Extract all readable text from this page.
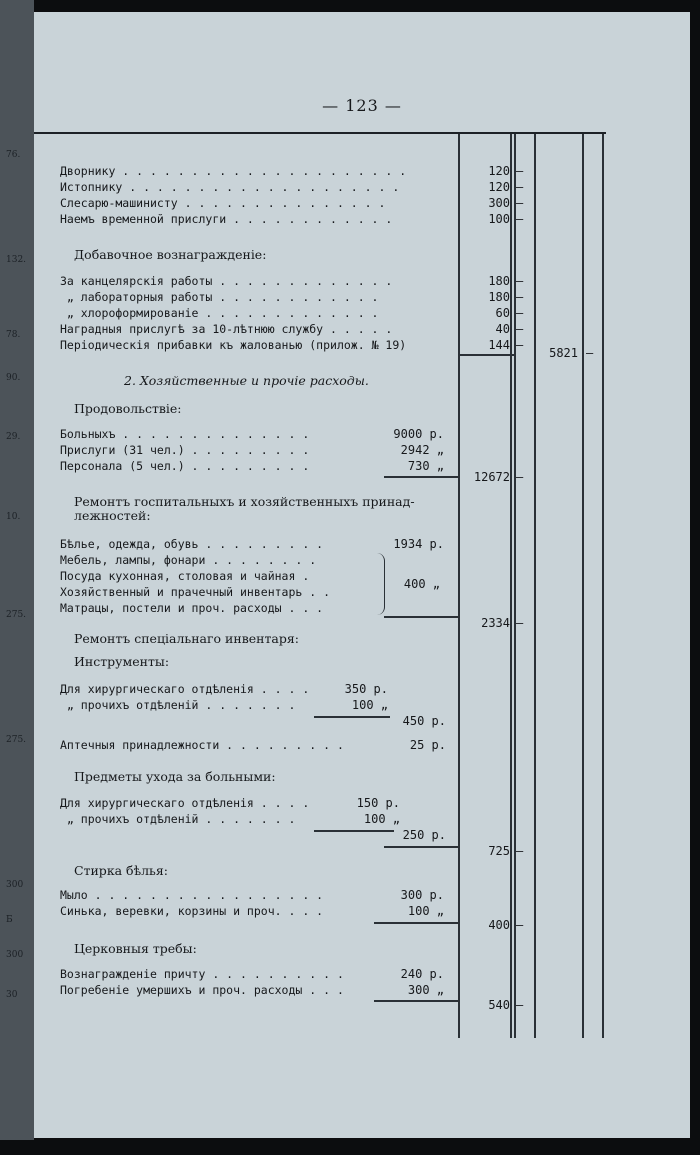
76.
132.
78.
90.
29.
10.
275.
275.
300
Б
300
30
— 123 —
Дворнику . . . . . . . . . . . . . . . . . . . . .	120 —
Истопнику . . . . . . . . . . . . . . . . . . . .	120 —
Слесарю-машинисту . . . . . . . . . . . . . . .	300 —
Наемъ временной прислуги . . . . . . . . . . . .	100 —
Добавочное вознагражденіе:
За канцелярскія работы . . . . . . . . . . . . .	180 —
„ лабораторныя работы . . . . . . . . . . . .	180 —
„ хлороформированіе . . . . . . . . . . . . .	60 —
Наградныя прислугѣ за 10-лѣтнюю службу . . . . .	40 —
Періодическія прибавки къ жалованью (прилож. № 19)	144 —
5821 —
2. Хозяйственные и прочіе расходы.
Продовольствіе:
Больныхъ . . . . . . . . . . . . . .	9000 р.
Прислуги (31 чел.) . . . . . . . . .	2942 „
Персонала (5 чел.) . . . . . . . . .	730 „
12672 —
Ремонтъ госпитальныхъ и хозяйственныхъ принад-
лежностей:
Бѣлье, одежда, обувь . . . . . . . . .	1934 р.
Мебель, лампы, фонари . . . . . . . .
Посуда кухонная, столовая и чайная .
Хозяйственный и прачечный инвентарь . .
Матрацы, постели и проч. расходы . . .
400 „
2334 —
Ремонтъ спеціальнаго инвентаря:
Инструменты:
Для хирургическаго отдѣленія . . . .	350 р.
„ прочихъ отдѣленій . . . . . . .	100 „
450 р.
Аптечныя принадлежности . . . . . . . . .	25 р.
Предметы ухода за больными:
Для хирургическаго отдѣленія . . . .	150 р.
„ прочихъ отдѣленій . . . . . . .	100 „
250 р.
725 —
Стирка бѣлья:
Мыло . . . . . . . . . . . . . . . . .	300 р.
Синька, веревки, корзины и проч. . . .	100 „
400 —
Церковныя требы:
Вознагражденіе причту . . . . . . . . . .	240 р.
Погребеніе умершихъ и проч. расходы . . .	300 „
540 —
